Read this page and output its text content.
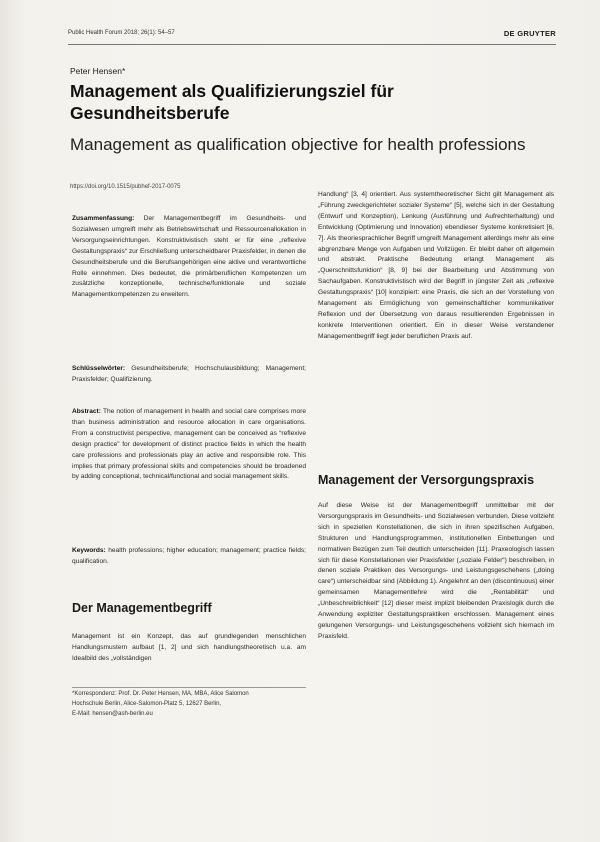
Public Health Forum 2018; 26(1): 54–57	DE GRUYTER
Peter Hensen*
Management als Qualifizierungsziel für Gesundheitsberufe
Management as qualification objective for health professions
https://doi.org/10.1515/pubhef-2017-0075

Zusammenfassung: Der Managementbegriff im Gesundheits- und Sozialwesen umgreift mehr als Betriebswirtschaft und Ressourcenallokation in Versorgungseinrichtungen. Konstruktivistisch steht er für eine „reflexive Gestaltungspraxis“ zur Erschließung unterscheidbarer Praxisfelder, in denen die Gesundheitsberufe und die Berufsangehörigen eine aktive und verantwortliche Rolle einnehmen. Dies bedeutet, die primärberuflichen Kompetenzen um zusätzliche konzeptionelle, technische/funktionale und soziale Managementkompetenzen zu erweitern.

Schlüsselwörter: Gesundheitsberufe; Hochschulausbildung; Management; Praxisfelder; Qualifizierung.

Abstract: The notion of management in health and social care comprises more than business administration and resource allocation in care organisations. From a constructivist perspective, management can be conceived as “reflexive design practice” for development of distinct practice fields in which the health care professions and professionals play an active and responsible role. This implies that primary professional skills and competencies should be broadened by adding conceptional, technical/functional and social management skills.

Keywords: health professions; higher education; management; practice fields; qualification.

Der Managementbegriff

Management ist ein Konzept, das auf grundlegenden menschlichen Handlungsmustern aufbaut [1, 2] und sich handlungstheoretisch u.a. am Idealbild des „vollständigen

*Korrespondenz: Prof. Dr. Peter Hensen, MA, MBA, Alice Salomon

Hochschule Berlin, Alice-Salomon-Platz 5, 12627 Berlin,

E-Mail: hensen@ash-berlin.eu

Handlung“ [3, 4] orientiert. Aus systemtheoretischer Sicht gilt Management als „Führung zweckgerichteter sozialer Systeme“ [5], welche sich in der Gestaltung (Entwurf und Konzeption), Lenkung (Ausführung und Aufrechterhaltung) und Entwicklung (Optimierung und Innovation) ebendieser Systeme konkretisiert [6, 7]. Als theoriesprachlicher Begriff umgreift Management allerdings mehr als eine abgrenzbare Menge von Aufgaben und Vollzügen. Er bleibt daher oft allgemein und abstrakt. Praktische Bedeutung erlangt Management als „Querschnittsfunktion“ [8, 9] bei der Bearbeitung und Abstimmung von Sachaufgaben. Konstruktivistisch wird der Begriff in jüngster Zeit als „reflexive Gestaltungspraxis“ [10] konzipiert: eine Praxis, die sich an der Vorstellung von Management als Ermöglichung von gemeinschaftlicher kommunikativer Reflexion und der Übersetzung von daraus resultierenden Ergebnissen in konkrete Interventionen orientiert. Ein in dieser Weise verstandener Managementbegriff liegt jeder beruflichen Praxis auf.

Management der Versorgungspraxis

Auf diese Weise ist der Managementbegriff unmittelbar mit der Versorgungspraxis im Gesundheits- und Sozialwesen verbunden. Diese vollzieht sich in speziellen Konstellationen, die sich in ihren spezifischen Aufgaben, Strukturen und Handlungsprogrammen, institutionellen Einbettungen und normativen Bezügen zum Teil deutlich unterscheiden [11]. Praxeologisch lassen sich für diese Konstellationen vier Praxisfelder („soziale Felder“) beschreiben, in denen soziale Praktiken des Versorgungs- und Leistungsgeschehens („doing care“) unterscheidbar sind (Abbildung 1). Angelehnt an den (discontinuous) einer gemeinsamen Managementlehre wird die „Rentabilität“ und „Unbeschreiblichkeit“ [12] dieser meist implizit bleibenden Praxislogik durch die Anwendung expliziter Gestaltungspraktiken erschlossen. Management eines gelungenen Versorgungs- und Leistungsgeschehens vollzieht sich hiernach im Praxisfeld.
